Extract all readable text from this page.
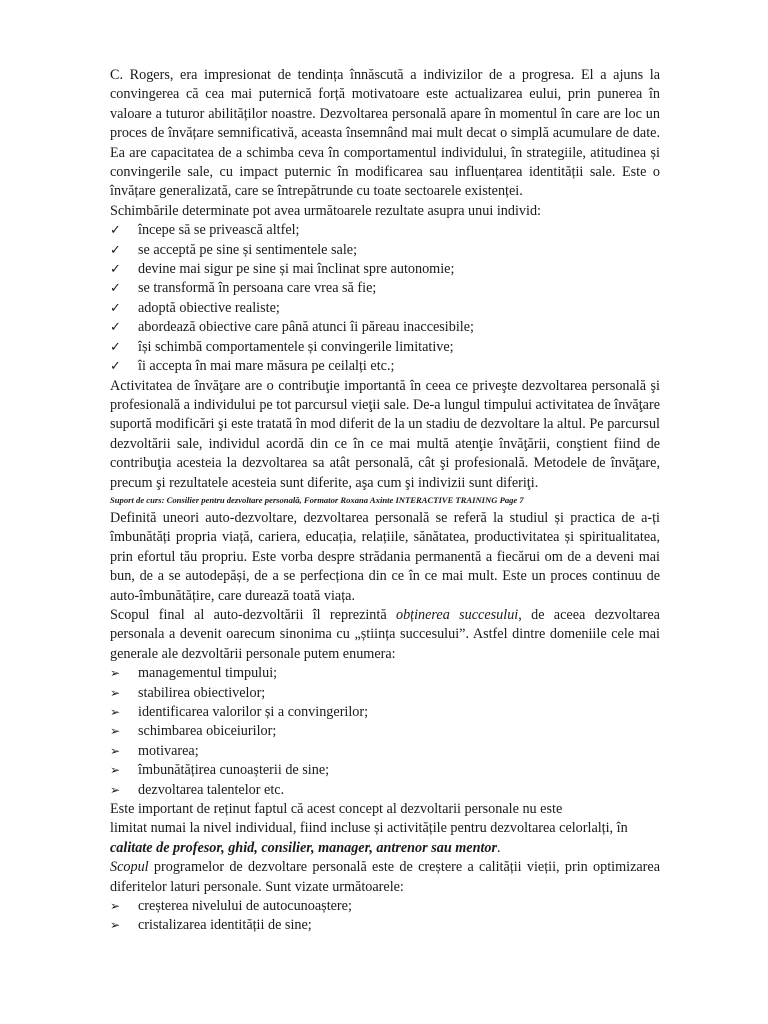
C. Rogers, era impresionat de tendința înnăscută a indivizilor de a progresa. El a ajuns la convingerea că cea mai puternică forță motivatoare este actualizarea eului, prin punerea în valoare a tuturor abilităților noastre. Dezvoltarea personală apare în momentul în care are loc un proces de învățare semnificativă, aceasta însemnând mai mult decat o simplă acumulare de date. Ea are capacitatea de a schimba ceva în comportamentul individului, în strategiile, atitudinea și convingerile sale, cu impact puternic în modificarea sau influențarea identității sale. Este o învățare generalizată, care se întrepătrunde cu toate sectoarele existenței.

Schimbările determinate pot avea următoarele rezultate asupra unui individ:

✓	începe să se privească altfel;
✓	se acceptă pe sine și sentimentele sale;
✓	devine mai sigur pe sine și mai înclinat spre autonomie;
✓	se transformă în persoana care vrea să fie;
✓	adoptă obiective realiste;
✓	abordează obiective care până atunci îi păreau inaccesibile;
✓	își schimbă comportamentele și convingerile limitative;
✓	îi accepta în mai mare măsura pe ceilalți etc.;

Activitatea de învăţare are o contribuţie importantă în ceea ce priveşte dezvoltarea personală şi profesională a individului pe tot parcursul vieţii sale. De-a lungul timpului activitatea de învăţare suportă modificări şi este tratată în mod diferit de la un stadiu de dezvoltare la altul. Pe parcursul dezvoltării sale, individul acordă din ce în ce mai multă atenţie învăţării, conştient fiind de contribuţia acesteia la dezvoltarea sa atât personală, cât şi profesională. Metodele de învăţare, precum şi rezultatele acesteia sunt diferite, aşa cum şi indivizii sunt diferiţi.

Suport de curs: Consilier pentru dezvoltare personală, Formator Roxana Axinte INTERACTIVE TRAINING Page 7

Definită uneori auto-dezvoltare, dezvoltarea personală se referă la studiul și practica de a-ți îmbunătăți propria viață, cariera, educația, relațiile, sănătatea, productivitatea și spiritualitatea, prin efortul tău propriu. Este vorba despre strădania permanentă a fiecărui om de a deveni mai bun, de a se autodepăși, de a se perfecționa din ce în ce mai mult. Este un proces continuu de auto-îmbunătățire, care durează toată viața.

Scopul final al auto-dezvoltării îl reprezintă obținerea succesului, de aceea dezvoltarea personala a devenit oarecum sinonima cu „știința succesului”. Astfel dintre domeniile cele mai generale ale dezvoltării personale putem enumera:

➢	managementul timpului;
➢	stabilirea obiectivelor;
➢	identificarea valorilor și a convingerilor;
➢	schimbarea obiceiurilor;
➢	motivarea;
➢	îmbunătățirea cunoașterii de sine;
➢	dezvoltarea talentelor etc.

Este important de reținut faptul că acest concept al dezvoltarii personale nu este
limitat numai la nivel individual, fiind incluse și activitățile pentru dezvoltarea celorlalți, în calitate de profesor, ghid, consilier, manager, antrenor sau mentor.

Scopul programelor de dezvoltare personală este de creștere a calității vieții, prin optimizarea diferitelor laturi personale. Sunt vizate următoarele:

➢	creșterea nivelului de autocunoaștere;
➢	cristalizarea identității de sine;
